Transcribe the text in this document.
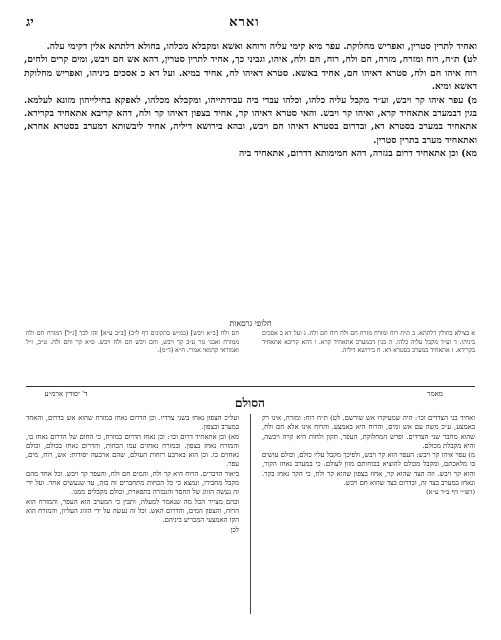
יג	וארא

ואחיד לתרין סטרין, ואפריש מחלוקת. עפר מיא קימי עליה ורוחא ואשא ומקבלא מכלהו, בחולא דלתתא אלין דקימי עלה.

לט) ת״ח, רוח ומזרח, מזרח, חם ולח, רוח, חם ולח, איהו, וגביני כך, אחיד לתרין סטרין, דהא אש חם ויבש, ומים קרים ולחים, רוח איהו חם ולח, סטרא דאיהו חם, אחיד באשא. סטרא דאיהו לח, אחיד במיא. ועל דא כ אסכים ביניהו, ואפריש מחלוקת דאשא ומיא.

מ) עפר איהו קר ויבש, וע״ד מקבל עליה כלהו, וכלהו עבדי ביה עבידתייהו, ומקבלא מכלהו, לאפקא בחילייהון מזונא לעלמא. בגין דבמערב אתאחיד קרא, ואיהו קר ויבש. והאי סטרא דאיהו קר, אחיד בצפון דאיהו קר ולח, דהא קריבא אתאחיד בקרירא. אתאחיד במערב בסטרא דא, ובדרום בסטרא דאיהו חם ויבש, ובהא בירושא דיליה, אחיד ליבשותא דמערב בסטרא אחרא, ואתאחיד מערב בתרין סטרין.

מא) וכן אתאחיד דרום בגזרה, דהא חמימותא דדרום, אתאחיד ביה

חלופי גרסאות
א בצילא בחולין דלתתא. ב ת״ח רוח ומזרח מזרח חם ולח רוח חם ולח. ג ועל דא כ אסכים ביניהו. ד וע״ד מקבל עליה כלהו. ה בגין דבמערב אתאחיד קרא. ו דהא קריבא אתאחיד בקרירא. ז אתאחיד במערב בסטרא דא. ח בירושא דיליה.
חם ולח [ב״א ויבש] (במ״ש בתקונים דף ל״ב) [ב״ב ע״א] זהו לכך [נ״ל] דמזרח חם ולח ממזרח ואבני גזר ע״ב קר ויבש, וחם ויבש חם ולח ויבש. ס״א קר וחם ולח. ט״ב, ז״ל ואמוראי קדמאי אמרי. ח״א (ד״מ).
מאמר
ד' יסודין ארמ״ע
הסולם

ואחיד בני הצדדים וכו׳: היה שמעיקרו אש שורשם. לט) ת״ח רוח: ומזרח, אינו רק באמצע, ע״כ משה עם אש ומים, והרוח היא באמצע. והרוח אינו אלא חם ולח, שהוא מחבר שני הצדדים. ופרש המחלוקת, העפר, תקון ולחות היא קרה ויבשה, והיא מקבלת מכולם.

מ) עפר איהו קר ויבש: העפר הוא קר ויבש, ולפיכך מקבל עליו כולם, וכולם עושים בו מלאכתם, ומקבל מכולם להוציא בכוחותם מזון לעולם. כי במערב נאחז הקור, והוא קר ויבש. וזה הצד שהוא קר, אחוז בצפון שהוא קר ולח, כי הקר נאחז בקר. ונאחז במערב בצד זה, ובדרום בצד שהוא חם ויבש.

(דפו״י דף ב״ד ע״א)

ועל״כ הצפון נאחז בשני צדדיו. וכן הדרום נאחז במזרח שהוא אש בדרום, והאחד במערב ובצפון.

מא) וכן אתאחיד דרום וכו׳: וכן נאחז הדרום במזרח, כי החום של הדרום נאחז בו, והמזרח נאחז בצפון. ובמזרח נאחזים עמו הכחות, והדרום נאחז בכולם, וכולם נאחזים בו. וכן הוא בארבע רוחות העולם, שהם ארבעה יסודות: אש, רוח, מים, עפר.

ביאור הדברים. הרוח היא קר ולח, והמים חם ולח, והעפר קר ויבש. וכל אחד מהם מקבל מחבירו, ונמצא כי כל הכחות מתחברים זה בזה, עד שנעשים אחד. ועל ידי זה נעשה הזווג של החסד והגבורה בתפארת, וכולם מקבלים ממנו.

ובהם מצייר הכל מה שנאמר למעלה, ותבין כי המערב הוא העפר, והמזרח הוא הרוח, והצפון המים, והדרום האש. וכל זה נעשה על ידי הזווג העליון, והמזרח הוא הקו האמצעי המכריע ביניהם.

לכן
